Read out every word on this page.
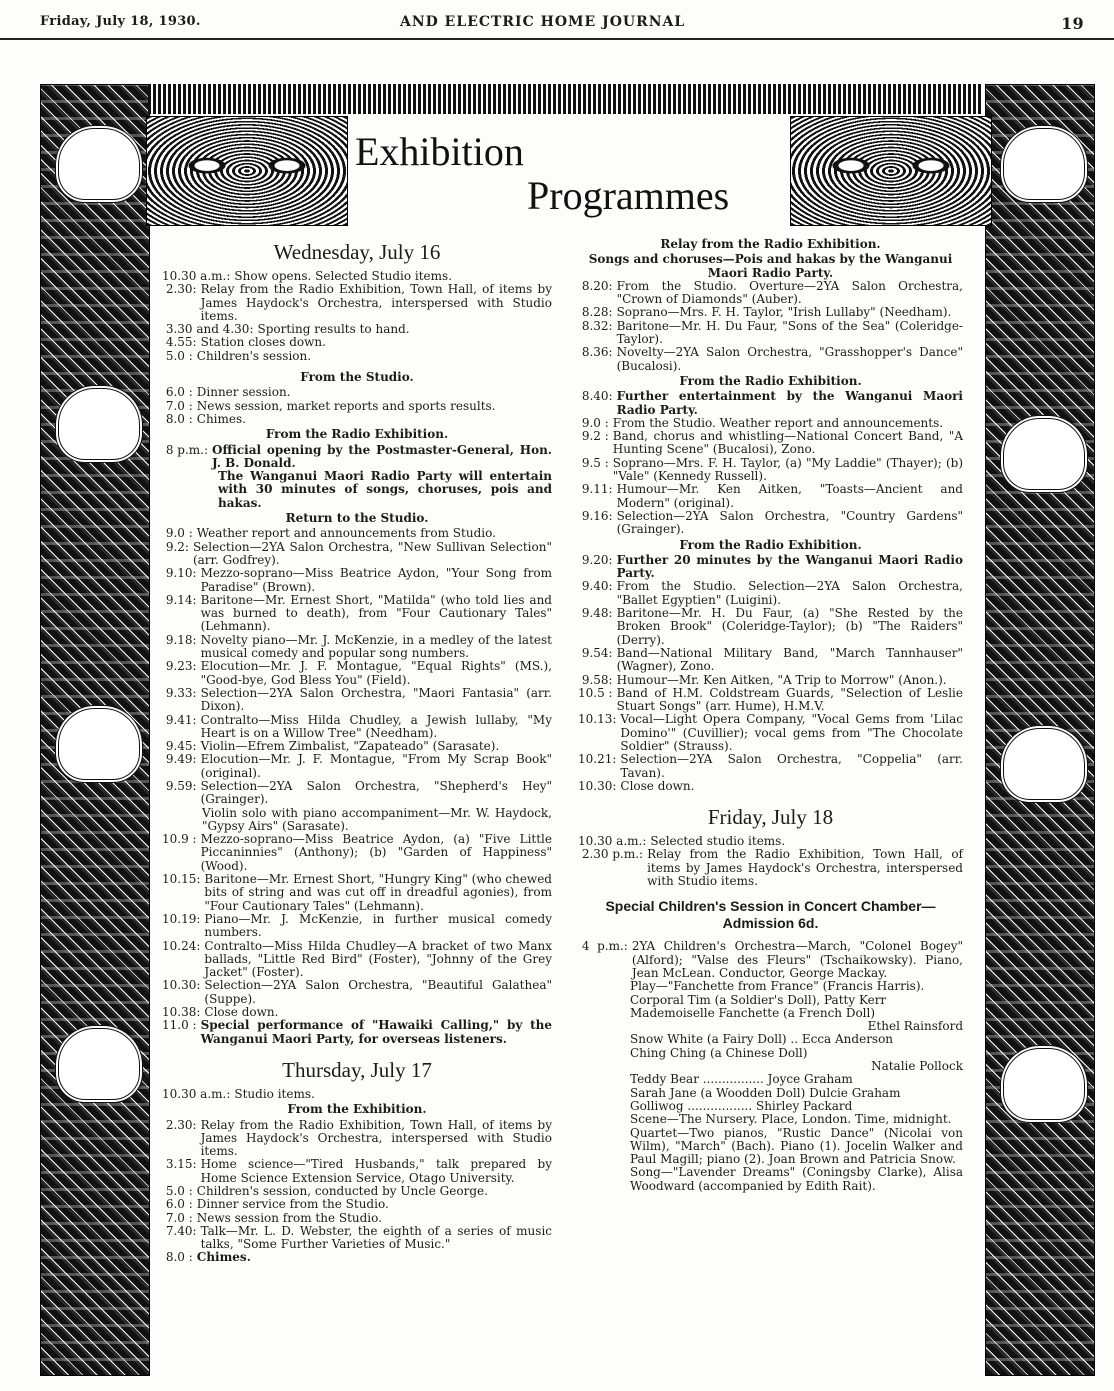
Friday, July 18, 1930.	AND ELECTRIC HOME JOURNAL	19
Exhibition
Programmes
Wednesday, July 16
10.30 a.m.: Show opens. Selected Studio items.
2.30: Relay from the Radio Exhibition, Town Hall, of items by James Haydock's Orchestra, interspersed with Studio items.
3.30 and 4.30: Sporting results to hand.
4.55: Station closes down.
5.0 : Children's session.
From the Studio.
6.0 : Dinner session.
7.0 : News session, market reports and sports results.
8.0 : Chimes.
From the Radio Exhibition.
8 p.m.: Official opening by the Postmaster-General, Hon. J. B. Donald.
The Wanganui Maori Radio Party will entertain with 30 minutes of songs, choruses, pois and hakas.
Return to the Studio.
9.0 : Weather report and announcements from Studio.
9.2: Selection—2YA Salon Orchestra, "New Sullivan Selection" (arr. Godfrey).
9.10: Mezzo-soprano—Miss Beatrice Aydon, "Your Song from Paradise" (Brown).
9.14: Baritone—Mr. Ernest Short, "Matilda" (who told lies and was burned to death), from "Four Cautionary Tales" (Lehmann).
9.18: Novelty piano—Mr. J. McKenzie, in a medley of the latest musical comedy and popular song numbers.
9.23: Elocution—Mr. J. F. Montague, "Equal Rights" (MS.), "Good-bye, God Bless You" (Field).
9.33: Selection—2YA Salon Orchestra, "Maori Fantasia" (arr. Dixon).
9.41: Contralto—Miss Hilda Chudley, a Jewish lullaby, "My Heart is on a Willow Tree" (Needham).
9.45: Violin—Efrem Zimbalist, "Zapateado" (Sarasate).
9.49: Elocution—Mr. J. F. Montague, "From My Scrap Book" (original).
9.59: Selection—2YA Salon Orchestra, "Shepherd's Hey" (Grainger).
Violin solo with piano accompaniment—Mr. W. Haydock, "Gypsy Airs" (Sarasate).
10.9 : Mezzo-soprano—Miss Beatrice Aydon, (a) "Five Little Piccaninnies" (Anthony); (b) "Garden of Happiness" (Wood).
10.15: Baritone—Mr. Ernest Short, "Hungry King" (who chewed bits of string and was cut off in dreadful agonies), from "Four Cautionary Tales" (Lehmann).
10.19: Piano—Mr. J. McKenzie, in further musical comedy numbers.
10.24: Contralto—Miss Hilda Chudley—A bracket of two Manx ballads, "Little Red Bird" (Foster), "Johnny of the Grey Jacket" (Foster).
10.30: Selection—2YA Salon Orchestra, "Beautiful Galathea" (Suppe).
10.38: Close down.
11.0 : Special performance of "Hawaiki Calling," by the Wanganui Maori Party, for overseas listeners.
Thursday, July 17
10.30 a.m.: Studio items.
From the Exhibition.
2.30: Relay from the Radio Exhibition, Town Hall, of items by James Haydock's Orchestra, interspersed with Studio items.
3.15: Home science—"Tired Husbands," talk prepared by Home Science Extension Service, Otago University.
5.0 : Children's session, conducted by Uncle George.
6.0 : Dinner service from the Studio.
7.0 : News session from the Studio.
7.40: Talk—Mr. L. D. Webster, the eighth of a series of music talks, "Some Further Varieties of Music."
8.0 : Chimes.
Relay from the Radio Exhibition.
Songs and choruses—Pois and hakas by the Wanganui Maori Radio Party.
8.20: From the Studio. Overture—2YA Salon Orchestra, "Crown of Diamonds" (Auber).
8.28: Soprano—Mrs. F. H. Taylor, "Irish Lullaby" (Needham).
8.32: Baritone—Mr. H. Du Faur, "Sons of the Sea" (Coleridge-Taylor).
8.36: Novelty—2YA Salon Orchestra, "Grasshopper's Dance" (Bucalosi).
From the Radio Exhibition.
8.40: Further entertainment by the Wanganui Maori Radio Party.
9.0 : From the Studio. Weather report and announcements.
9.2 : Band, chorus and whistling—National Concert Band, "A Hunting Scene" (Bucalosi), Zono.
9.5 : Soprano—Mrs. F. H. Taylor, (a) "My Laddie" (Thayer); (b) "Vale" (Kennedy Russell).
9.11: Humour—Mr. Ken Aitken, "Toasts—Ancient and Modern" (original).
9.16: Selection—2YA Salon Orchestra, "Country Gardens" (Grainger).
From the Radio Exhibition.
9.20: Further 20 minutes by the Wanganui Maori Radio Party.
9.40: From the Studio. Selection—2YA Salon Orchestra, "Ballet Egyptien" (Luigini).
9.48: Baritone—Mr. H. Du Faur, (a) "She Rested by the Broken Brook" (Coleridge-Taylor); (b) "The Raiders" (Derry).
9.54: Band—National Military Band, "March Tannhauser" (Wagner), Zono.
9.58: Humour—Mr. Ken Aitken, "A Trip to Morrow" (Anon.).
10.5 : Band of H.M. Coldstream Guards, "Selection of Leslie Stuart Songs" (arr. Hume), H.M.V.
10.13: Vocal—Light Opera Company, "Vocal Gems from 'Lilac Domino'" (Cuvillier); vocal gems from "The Chocolate Soldier" (Strauss).
10.21: Selection—2YA Salon Orchestra, "Coppelia" (arr. Tavan).
10.30: Close down.
Friday, July 18
10.30 a.m.: Selected studio items.
2.30 p.m.: Relay from the Radio Exhibition, Town Hall, of items by James Haydock's Orchestra, interspersed with Studio items.
Special Children's Session in Concert Chamber—Admission 6d.
4  p.m.: 2YA Children's Orchestra—March, "Colonel Bogey" (Alford); "Valse des Fleurs" (Tschaikowsky). Piano, Jean McLean. Conductor, George Mackay.
Play—"Fanchette from France" (Francis Harris).
Corporal Tim (a Soldier's Doll), Patty Kerr
Mademoiselle Fanchette (a French Doll)
Ethel Rainsford
Snow White (a Fairy Doll) .. Ecca Anderson
Ching Ching (a Chinese Doll)
Natalie Pollock
Teddy Bear ................ Joyce Graham
Sarah Jane (a Woodden Doll) Dulcie Graham
Golliwog ................. Shirley Packard
Scene—The Nursery. Place, London. Time, midnight.
Quartet—Two pianos, "Rustic Dance" (Nicolai von Wilm), "March" (Bach). Piano (1). Jocelin Walker and Paul Magill; piano (2). Joan Brown and Patricia Snow.
Song—"Lavender Dreams" (Coningsby Clarke), Alisa Woodward (accompanied by Edith Rait).
